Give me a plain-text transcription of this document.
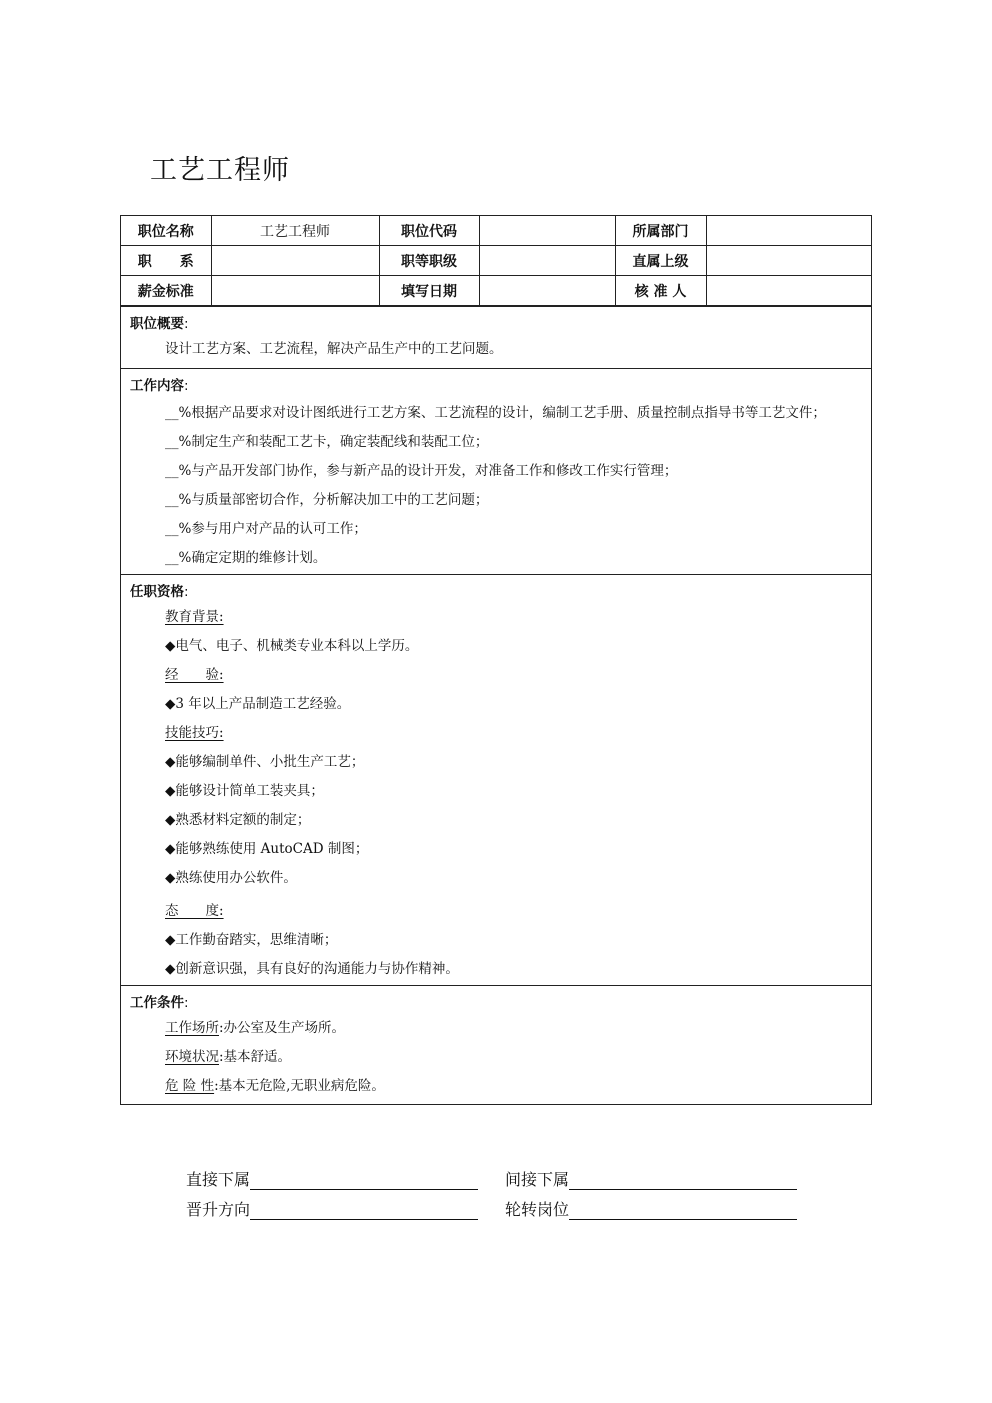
工艺工程师
职位名称	工艺工程师	职位代码		所属部门	
职　　系		职等职级		直属上级	
薪金标准		填写日期		核 准 人	
职位概要:
设计工艺方案、工艺流程，解决产品生产中的工艺问题。
工作内容:
__%根据产品要求对设计图纸进行工艺方案、工艺流程的设计，编制工艺手册、质量控制点指导书等工艺文件；
__%制定生产和装配工艺卡，确定装配线和装配工位；
__%与产品开发部门协作，参与新产品的设计开发，对准备工作和修改工作实行管理；
__%与质量部密切合作，分析解决加工中的工艺问题；
__%参与用户对产品的认可工作；
__%确定定期的维修计划。
任职资格:
教育背景:
◆电气、电子、机械类专业本科以上学历。
经　　验:
◆3 年以上产品制造工艺经验。
技能技巧:
◆能够编制单件、小批生产工艺；
◆能够设计简单工装夹具；
◆熟悉材料定额的制定；
◆能够熟练使用 AutoCAD 制图；
◆熟练使用办公软件。
态　　度:
◆工作勤奋踏实，思维清晰；
◆创新意识强，具有良好的沟通能力与协作精神。
工作条件:
工作场所:办公室及生产场所。
环境状况:基本舒适。
危 险 性:基本无危险,无职业病危险。
直接下属	间接下属
晋升方向	轮转岗位
